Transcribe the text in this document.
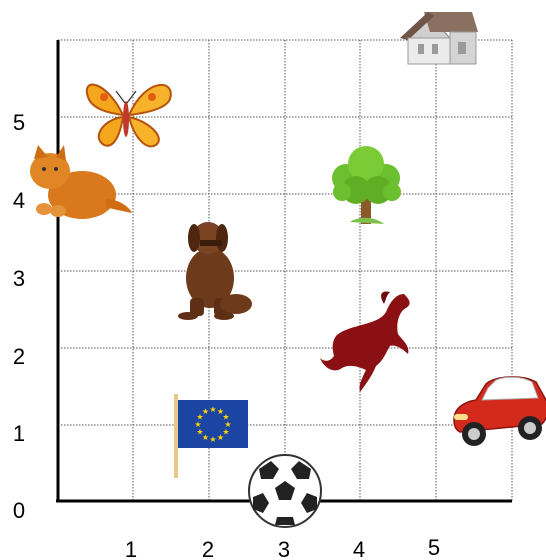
0
1
2
3
4
5
1	2	3	4	5
★ ★
★
★
★
★
★
★
★
★
★
★
